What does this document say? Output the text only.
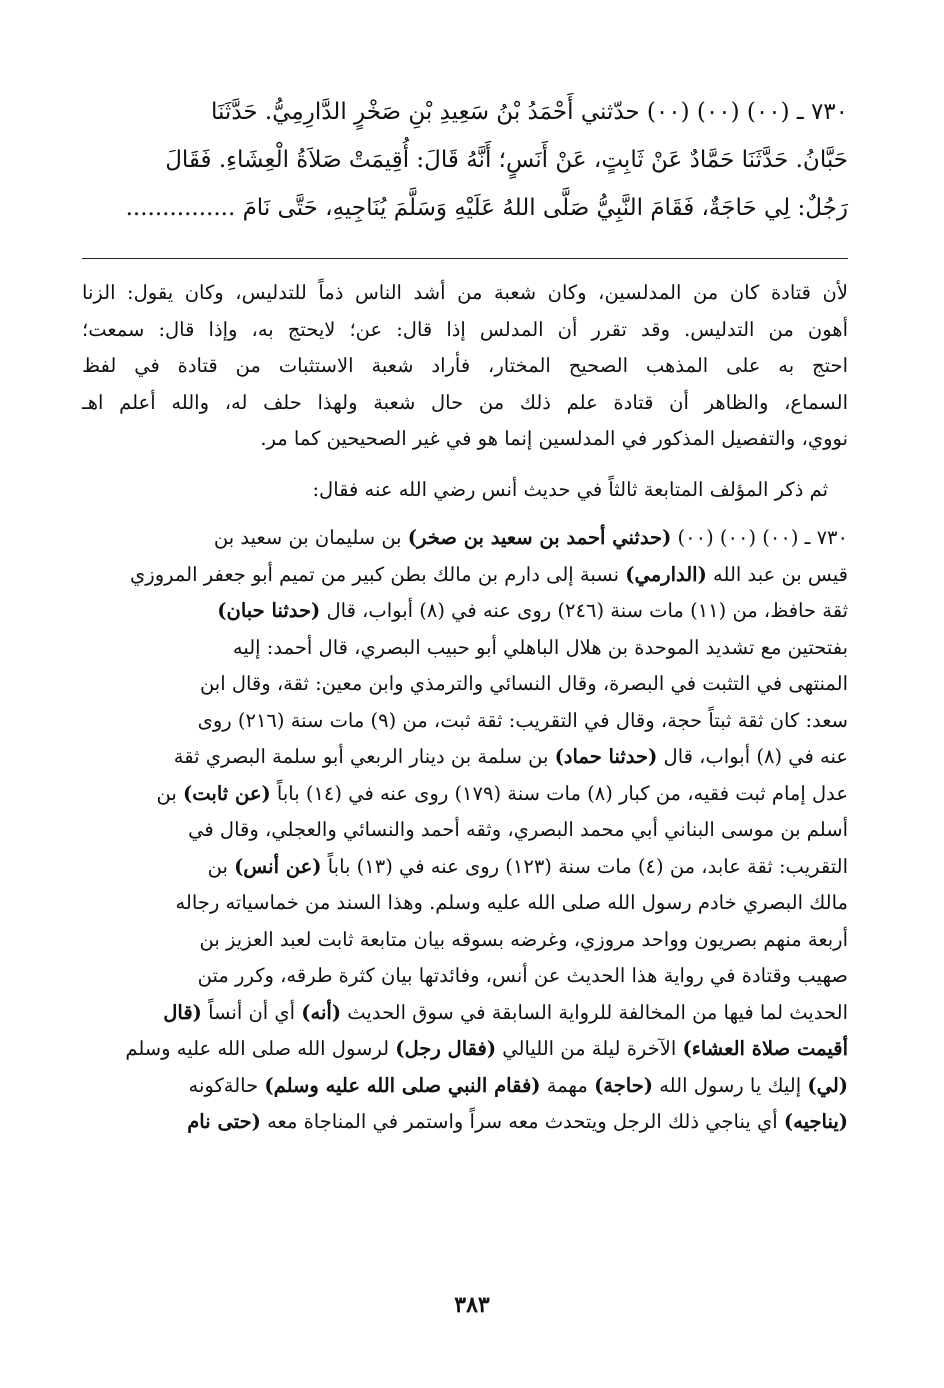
٧٣٠ ـ (٠٠) (٠٠) (٠٠) حدّثني أَحْمَدُ بْنُ سَعِيدِ بْنِ صَخْرٍ الدَّارِمِيُّ. حَدَّثَنَا

حَبَّانُ. حَدَّثَنَا حَمَّادٌ عَنْ ثَابِتٍ، عَنْ أَنَسٍ؛ أَنَّهُ قَالَ: أُقِيمَتْ صَلاَةُ الْعِشَاءِ. فَقَالَ

رَجُلٌ: لِي حَاجَةٌ، فَقَامَ النَّبِيُّ صَلَّى اللهُ عَلَيْهِ وَسَلَّمَ يُنَاجِيهِ، حَتَّى نَامَ ...............

لأن قتادة كان من المدلسين، وكان شعبة من أشد الناس ذماً للتدليس، وكان يقول: الزنا

أهون من التدليس. وقد تقرر أن المدلس إذا قال: عن؛ لايحتج به، وإذا قال: سمعت؛

احتج به على المذهب الصحيح المختار، فأراد شعبة الاستثبات من قتادة في لفظ

السماع، والظاهر أن قتادة علم ذلك من حال شعبة ولهذا حلف له، والله أعلم اهـ

نووي، والتفصيل المذكور في المدلسين إنما هو في غير الصحيحين كما مر.

ثم ذكر المؤلف المتابعة ثالثاً في حديث أنس رضي الله عنه فقال:

٧٣٠ ـ (٠٠) (٠٠) (٠٠) (حدثني أحمد بن سعيد بن صخر) بن سليمان بن سعيد بن

قيس بن عبد الله (الدارمي) نسبة إلى دارم بن مالك بطن كبير من تميم أبو جعفر المروزي

ثقة حافظ، من (١١) مات سنة (٢٤٦) روى عنه في (٨) أبواب، قال (حدثنا حبان)

بفتحتين مع تشديد الموحدة بن هلال الباهلي أبو حبيب البصري، قال أحمد: إليه

المنتهى في التثبت في البصرة، وقال النسائي والترمذي وابن معين: ثقة، وقال ابن

سعد: كان ثقة ثبتاً حجة، وقال في التقريب: ثقة ثبت، من (٩) مات سنة (٢١٦) روى

عنه في (٨) أبواب، قال (حدثنا حماد) بن سلمة بن دينار الربعي أبو سلمة البصري ثقة

عدل إمام ثبت فقيه، من كبار (٨) مات سنة (١٧٩) روى عنه في (١٤) باباً (عن ثابت) بن

أسلم بن موسى البناني أبي محمد البصري، وثقه أحمد والنسائي والعجلي، وقال في

التقريب: ثقة عابد، من (٤) مات سنة (١٢٣) روى عنه في (١٣) باباً (عن أنس) بن

مالك البصري خادم رسول الله صلى الله عليه وسلم. وهذا السند من خماسياته رجاله

أربعة منهم بصريون وواحد مروزي، وغرضه بسوقه بيان متابعة ثابت لعبد العزيز بن

صهيب وقتادة في رواية هذا الحديث عن أنس، وفائدتها بيان كثرة طرقه، وكرر متن

الحديث لما فيها من المخالفة للرواية السابقة في سوق الحديث (أنه) أي أن أنساً (قال

أقيمت صلاة العشاء) الآخرة ليلة من الليالي (فقال رجل) لرسول الله صلى الله عليه وسلم

(لي) إليك يا رسول الله (حاجة) مهمة (فقام النبي صلى الله عليه وسلم) حالةكونه

(يناجيه) أي يناجي ذلك الرجل ويتحدث معه سراً واستمر في المناجاة معه (حتى نام

٣٨٣
